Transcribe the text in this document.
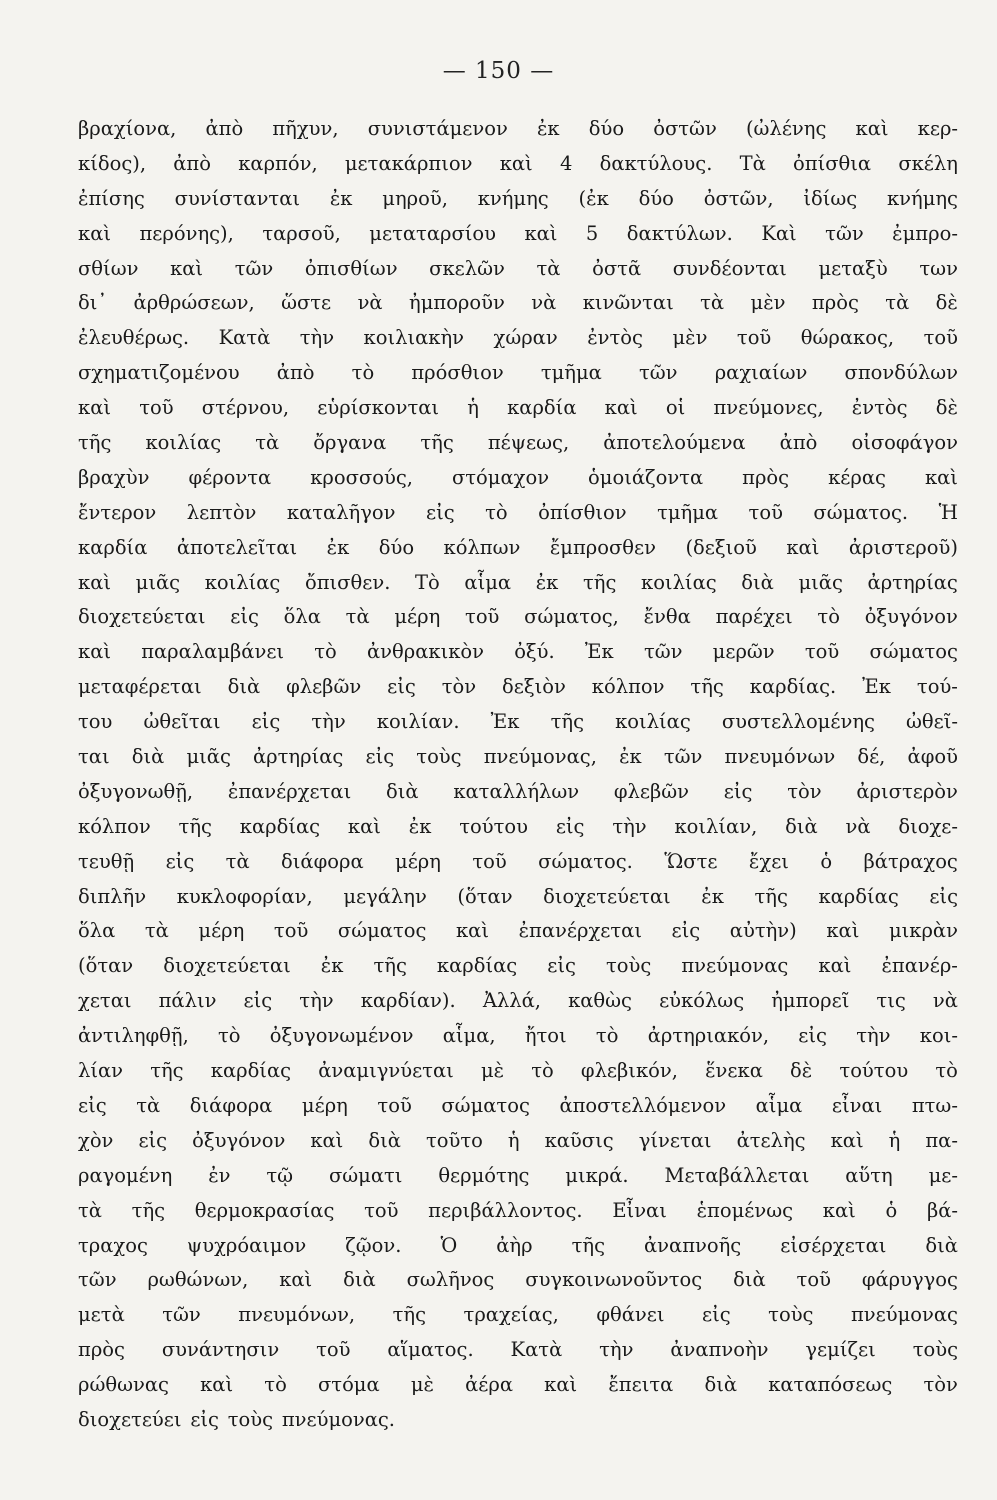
— 150 —
βραχίονα, ἀπὸ πῆχυν, συνιστάμενον ἐκ δύο ὀστῶν (ὠλένης καὶ κερ-
κίδος), ἀπὸ καρπόν, μετακάρπιον καὶ 4 δακτύλους. Τὰ ὀπίσθια σκέλη
ἐπίσης συνίστανται ἐκ μηροῦ, κνήμης (ἐκ δύο ὀστῶν, ἰδίως κνήμης
καὶ περόνης), ταρσοῦ, μεταταρσίου καὶ 5 δακτύλων. Καὶ τῶν ἐμπρο-
σθίων καὶ τῶν ὀπισθίων σκελῶν τὰ ὀστᾶ συνδέονται μεταξὺ των
δι᾿ ἀρθρώσεων, ὥστε νὰ ἠμποροῦν νὰ κινῶνται τὰ μὲν πρὸς τὰ δὲ
ἐλευθέρως. Κατὰ τὴν κοιλιακὴν χώραν ἐντὸς μὲν τοῦ θώρακος, τοῦ
σχηματιζομένου ἀπὸ τὸ πρόσθιον τμῆμα τῶν ραχιαίων σπονδύλων
καὶ τοῦ στέρνου, εὑρίσκονται ἡ καρδία καὶ οἱ πνεύμονες, ἐντὸς δὲ
τῆς κοιλίας τὰ ὄργανα τῆς πέψεως, ἀποτελούμενα ἀπὸ οἰσοφάγον
βραχὺν φέροντα κροσσούς, στόμαχον ὁμοιάζοντα πρὸς κέρας καὶ
ἔντερον λεπτὸν καταλῆγον εἰς τὸ ὀπίσθιον τμῆμα τοῦ σώματος. Ἡ
καρδία ἀποτελεῖται ἐκ δύο κόλπων ἔμπροσθεν (δεξιοῦ καὶ ἀριστεροῦ)
καὶ μιᾶς κοιλίας ὄπισθεν. Τὸ αἷμα ἐκ τῆς κοιλίας διὰ μιᾶς ἀρτηρίας
διοχετεύεται εἰς ὅλα τὰ μέρη τοῦ σώματος, ἔνθα παρέχει τὸ ὀξυγόνον
καὶ παραλαμβάνει τὸ ἀνθρακικὸν ὀξύ. Ἐκ τῶν μερῶν τοῦ σώματος
μεταφέρεται διὰ φλεβῶν εἰς τὸν δεξιὸν κόλπον τῆς καρδίας. Ἐκ τού-
του ὠθεῖται εἰς τὴν κοιλίαν. Ἐκ τῆς κοιλίας συστελλομένης ὠθεῖ-
ται διὰ μιᾶς ἀρτηρίας εἰς τοὺς πνεύμονας, ἐκ τῶν πνευμόνων δέ, ἀφοῦ
ὀξυγονωθῇ, ἐπανέρχεται διὰ καταλλήλων φλεβῶν εἰς τὸν ἀριστερὸν
κόλπον τῆς καρδίας καὶ ἐκ τούτου εἰς τὴν κοιλίαν, διὰ νὰ διοχε-
τευθῇ εἰς τὰ διάφορα μέρη τοῦ σώματος. Ὥστε ἔχει ὁ βάτραχος
διπλῆν κυκλοφορίαν, μεγάλην (ὅταν διοχετεύεται ἐκ τῆς καρδίας εἰς
ὅλα τὰ μέρη τοῦ σώματος καὶ ἐπανέρχεται εἰς αὐτὴν) καὶ μικρὰν
(ὅταν διοχετεύεται ἐκ τῆς καρδίας εἰς τοὺς πνεύμονας καὶ ἐπανέρ-
χεται πάλιν εἰς τὴν καρδίαν). Ἀλλά, καθὼς εὐκόλως ἠμπορεῖ τις νὰ
ἀντιληφθῇ, τὸ ὀξυγονωμένον αἷμα, ἤτοι τὸ ἀρτηριακόν, εἰς τὴν κοι-
λίαν τῆς καρδίας ἀναμιγνύεται μὲ τὸ φλεβικόν, ἕνεκα δὲ τούτου τὸ
εἰς τὰ διάφορα μέρη τοῦ σώματος ἀποστελλόμενον αἷμα εἶναι πτω-
χὸν εἰς ὀξυγόνον καὶ διὰ τοῦτο ἡ καῦσις γίνεται ἀτελὴς καὶ ἡ πα-
ραγομένη ἐν τῷ σώματι θερμότης μικρά. Μεταβάλλεται αὕτη με-
τὰ τῆς θερμοκρασίας τοῦ περιβάλλοντος. Εἶναι ἑπομένως καὶ ὁ βά-
τραχος ψυχρόαιμον ζῷον. Ὁ ἀὴρ τῆς ἀναπνοῆς εἰσέρχεται διὰ
τῶν ρωθώνων, καὶ διὰ σωλῆνος συγκοινωνοῦντος διὰ τοῦ φάρυγγος
μετὰ τῶν πνευμόνων, τῆς τραχείας, φθάνει εἰς τοὺς πνεύμονας
πρὸς συνάντησιν τοῦ αἵματος. Κατὰ τὴν ἀναπνοὴν γεμίζει τοὺς
ρώθωνας καὶ τὸ στόμα μὲ ἀέρα καὶ ἔπειτα διὰ καταπόσεως τὸν
διοχετεύει εἰς τοὺς πνεύμονας.
